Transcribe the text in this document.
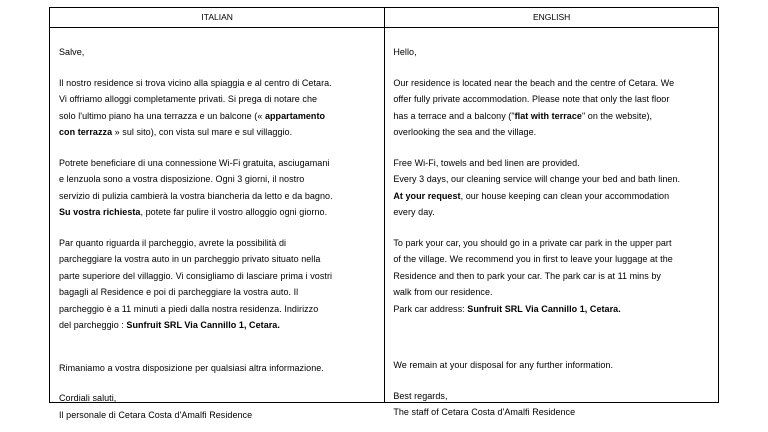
ITALIAN	ENGLISH

Salve,

Il nostro residence si trova vicino alla spiaggia e al centro di Cetara.

Vi offriamo alloggi completamente privati. Si prega di notare che

solo l'ultimo piano ha una terrazza e un balcone (« appartamento

con terrazza » sul sito), con vista sul mare e sul villaggio.

Potrete beneficiare di una connessione Wi-Fi gratuita, asciugamani

e lenzuola sono a vostra disposizione. Ogni 3 giorni, il nostro

servizio di pulizia cambierà la vostra biancheria da letto e da bagno.

Su vostra richiesta, potete far pulire il vostro alloggio ogni giorno.

Par quanto riguarda il parcheggio, avrete la possibilità di

parcheggiare la vostra auto in un parcheggio privato situato nella

parte superiore del villaggio. Vi consigliamo di lasciare prima i vostri

bagagli al Residence e poi di parcheggiare la vostra auto. Il

parcheggio è a 11 minuti a piedi dalla nostra residenza. Indirizzo

del parcheggio : Sunfruit SRL Via Cannillo 1, Cetara.

Rimaniamo a vostra disposizione per qualsiasi altra informazione.

Cordiali saluti,

Il personale di Cetara Costa d'Amalfi Residence

Hello,

Our residence is located near the beach and the centre of Cetara. We

offer fully private accommodation. Please note that only the last floor

has a terrace and a balcony ("flat with terrace" on the website),

overlooking the sea and the village.

Free Wi-Fi, towels and bed linen are provided.

Every 3 days, our cleaning service will change your bed and bath linen.

At your request, our house keeping can clean your accommodation

every day.

To park your car, you should go in a private car park in the upper part

of the village. We recommend you in first to leave your luggage at the

Residence and then to park your car. The park car is at 11 mins by

walk from our residence.

Park car address: Sunfruit SRL Via Cannillo 1, Cetara.

We remain at your disposal for any further information.

Best regards,

The staff of Cetara Costa d'Amalfi Residence
